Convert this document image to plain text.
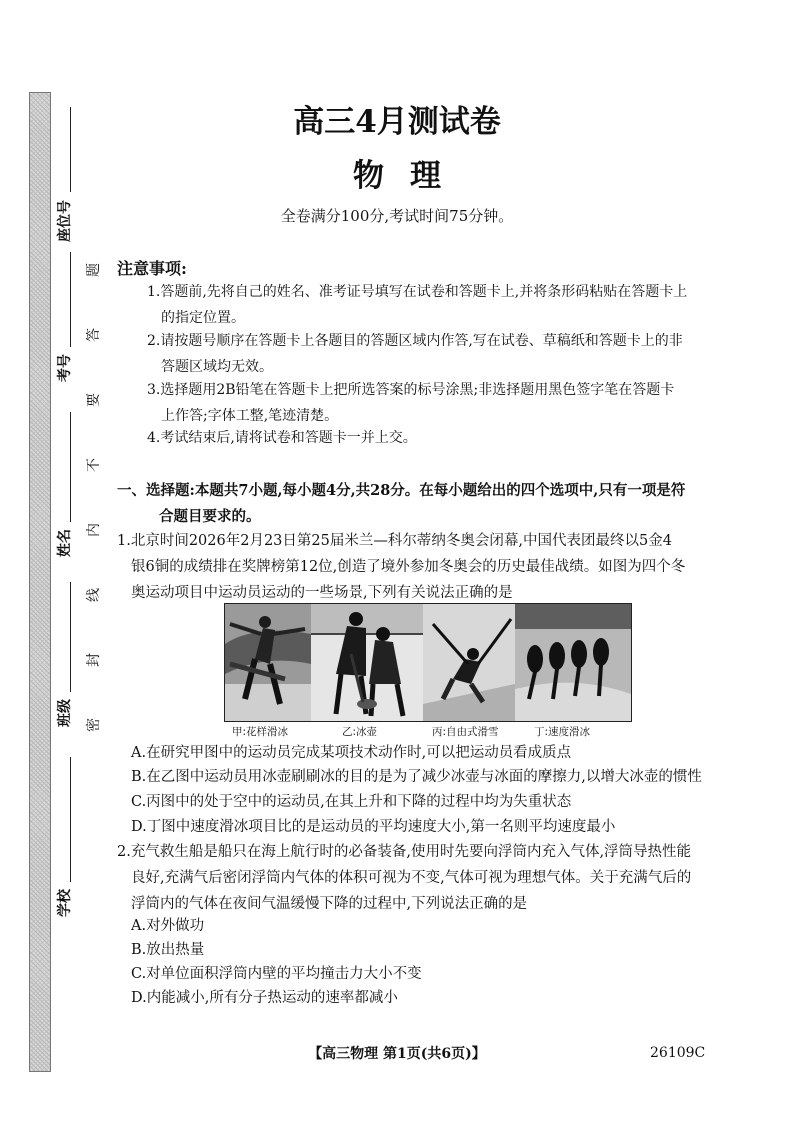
学校
班级
姓名
考号
座位号
密
封
线
内
不
要
答
题
高三4月测试卷
物理
全卷满分100分,考试时间75分钟。
注意事项:
1.答题前,先将自己的姓名、准考证号填写在试卷和答题卡上,并将条形码粘贴在答题卡上
的指定位置。
2.请按题号顺序在答题卡上各题目的答题区域内作答,写在试卷、草稿纸和答题卡上的非
答题区域均无效。
3.选择题用2B铅笔在答题卡上把所选答案的标号涂黑;非选择题用黑色签字笔在答题卡
上作答;字体工整,笔迹清楚。
4.考试结束后,请将试卷和答题卡一并上交。
一、选择题:本题共7小题,每小题4分,共28分。在每小题给出的四个选项中,只有一项是符
合题目要求的。
1.北京时间2026年2月23日第25届米兰—科尔蒂纳冬奥会闭幕,中国代表团最终以5金4
银6铜的成绩排在奖牌榜第12位,创造了境外参加冬奥会的历史最佳战绩。如图为四个冬
奥运动项目中运动员运动的一些场景,下列有关说法正确的是
甲:花样滑冰	乙:冰壶	丙:自由式滑雪	丁:速度滑冰
A.在研究甲图中的运动员完成某项技术动作时,可以把运动员看成质点
B.在乙图中运动员用冰壶刷刷冰的目的是为了减少冰壶与冰面的摩擦力,以增大冰壶的惯性
C.丙图中的处于空中的运动员,在其上升和下降的过程中均为失重状态
D.丁图中速度滑冰项目比的是运动员的平均速度大小,第一名则平均速度最小
2.充气救生船是船只在海上航行时的必备装备,使用时先要向浮筒内充入气体,浮筒导热性能
良好,充满气后密闭浮筒内气体的体积可视为不变,气体可视为理想气体。关于充满气后的
浮筒内的气体在夜间气温缓慢下降的过程中,下列说法正确的是
A.对外做功
B.放出热量
C.对单位面积浮筒内壁的平均撞击力大小不变
D.内能减小,所有分子热运动的速率都减小
【高三物理 第1页(共6页)】	26109C
